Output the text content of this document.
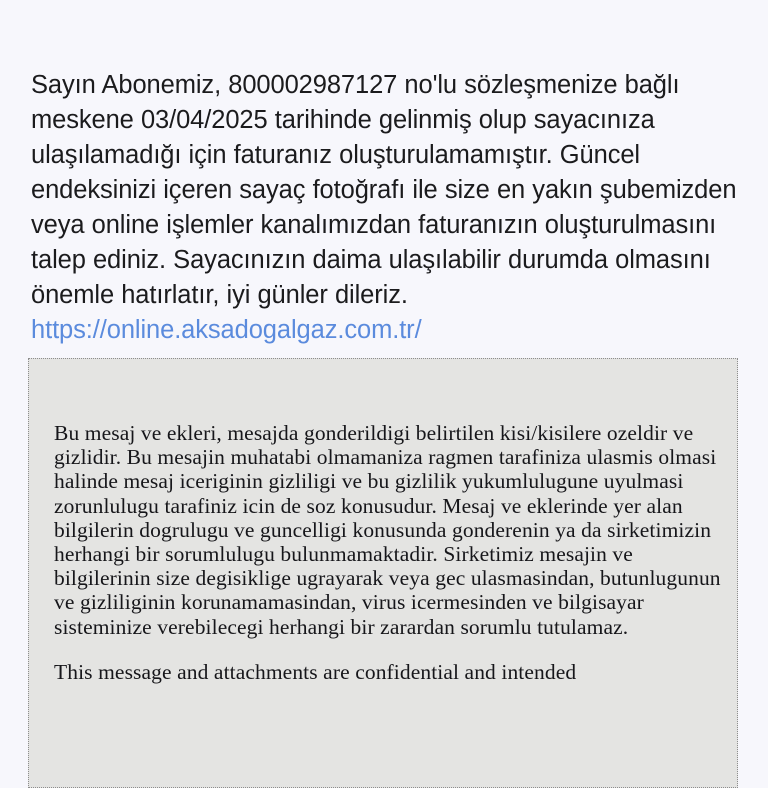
Sayın Abonemiz, 800002987127 no'lu sözleşmenize bağlı meskene 03/04/2025 tarihinde gelinmiş olup sayacınıza ulaşılamadığı için faturanız oluşturulamamıştır. Güncel endeksinizi içeren sayaç fotoğrafı ile size en yakın şubemizden veya online işlemler kanalımızdan faturanızın oluşturulmasını talep ediniz. Sayacınızın daima ulaşılabilir durumda olmasını önemle hatırlatır, iyi günler dileriz.

https://online.aksadogalgaz.com.tr/

Bu mesaj ve ekleri, mesajda gonderildigi belirtilen kisi/kisilere ozeldir ve gizlidir. Bu mesajin muhatabi olmamaniza ragmen tarafiniza ulasmis olmasi halinde mesaj iceriginin gizliligi ve bu gizlilik yukumlulugune uyulmasi zorunlulugu tarafiniz icin de soz konusudur. Mesaj ve eklerinde yer alan bilgilerin dogrulugu ve guncelligi konusunda gonderenin ya da sirketimizin herhangi bir sorumlulugu bulunmamaktadir. Sirketimiz mesajin ve bilgilerinin size degisiklige ugrayarak veya gec ulasmasindan, butunlugunun ve gizliliginin korunamamasindan, virus icermesinden ve bilgisayar sisteminize verebilecegi herhangi bir zarardan sorumlu tutulamaz.

This message and attachments are confidential and intended
